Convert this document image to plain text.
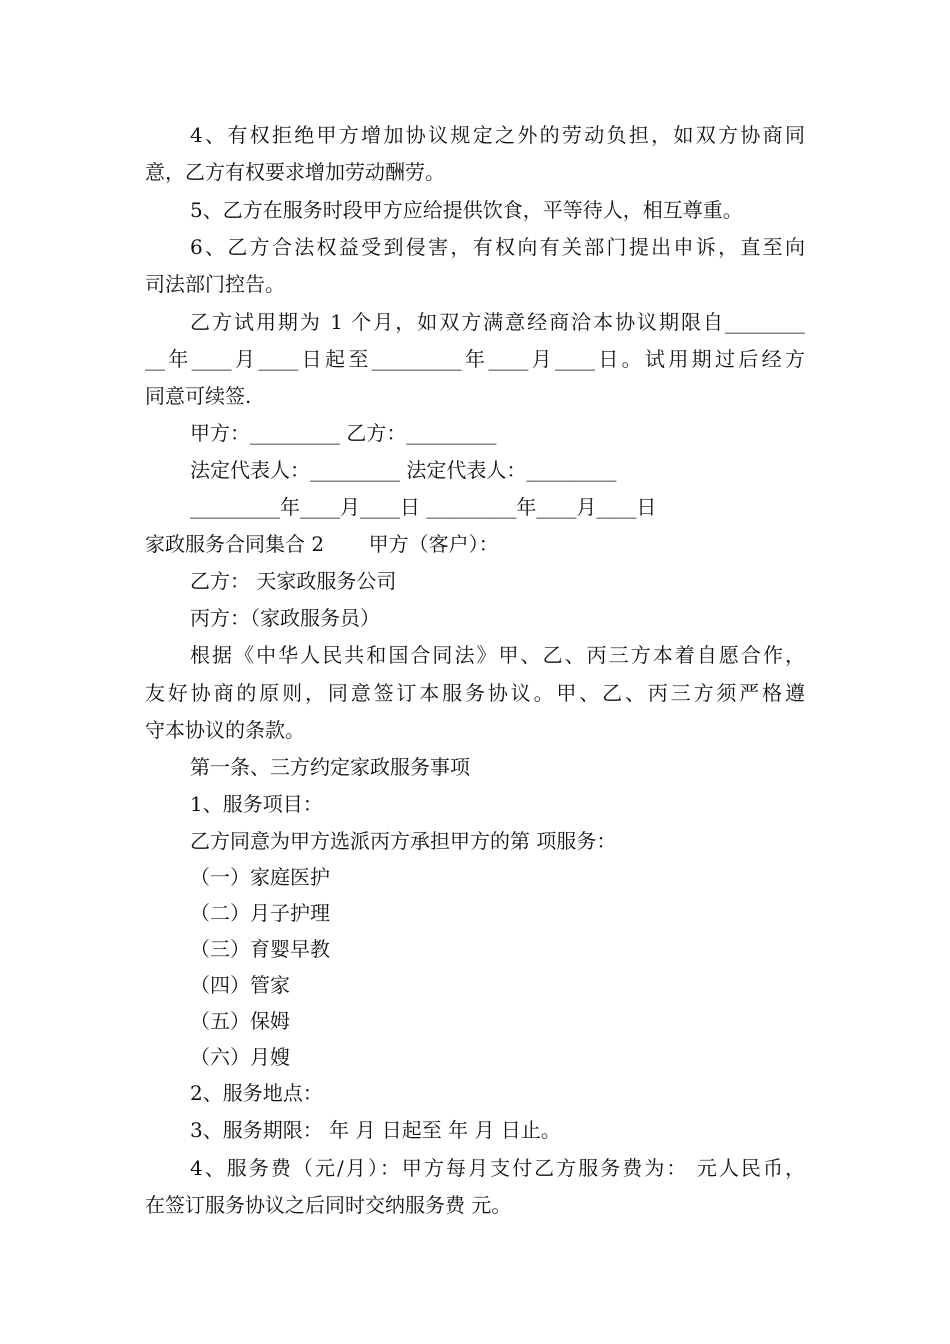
4、有权拒绝甲方增加协议规定之外的劳动负担，如双方协商同
意，乙方有权要求增加劳动酬劳。
5、乙方在服务时段甲方应给提供饮食，平等待人，相互尊重。
6、乙方合法权益受到侵害，有权向有关部门提出申诉，直至向
司法部门控告。
乙方试用期为 1 个月，如双方满意经商洽本协议期限自________
__年____月____日起至_________年____月____日。试用期过后经方
同意可续签.
甲方：_________ 乙方：_________
法定代表人：_________ 法定代表人：_________
_________年____月____日 _________年____月____日
家政服务合同集合 2       甲方（客户）：
乙方： 天家政服务公司
丙方：（家政服务员）
根据《中华人民共和国合同法》甲、乙、丙三方本着自愿合作，
友好协商的原则，同意签订本服务协议。甲、乙、丙三方须严格遵
守本协议的条款。
第一条、三方约定家政服务事项
1、服务项目：
乙方同意为甲方选派丙方承担甲方的第 项服务：
（一）家庭医护
（二）月子护理
（三）育婴早教
（四）管家
（五）保姆
（六）月嫂
2、服务地点：
3、服务期限： 年 月 日起至 年 月 日止。
4、服务费（元/月）：甲方每月支付乙方服务费为： 元人民币，
在签订服务协议之后同时交纳服务费 元。
